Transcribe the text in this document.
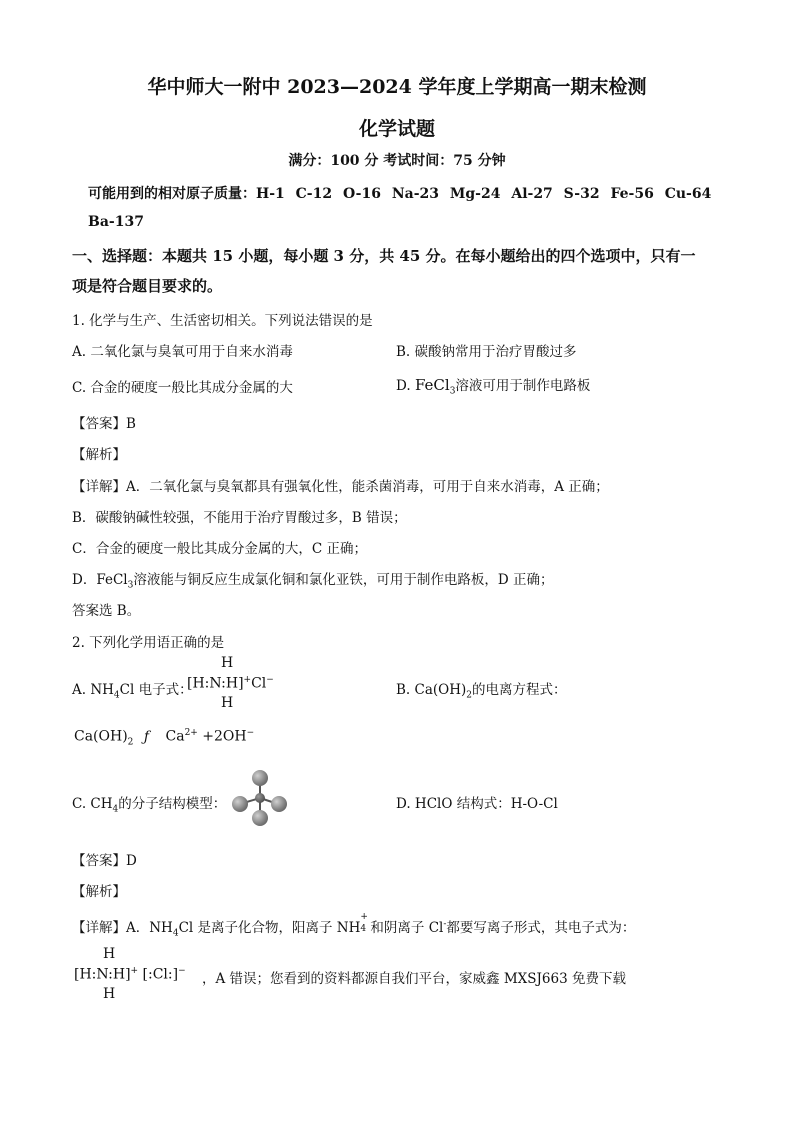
华中师大一附中 2023—2024 学年度上学期高一期末检测
化学试题
满分：100 分 考试时间：75 分钟
可能用到的相对原子质量：H-1 C-12 O-16 Na-23 Mg-24 Al-27 S-32 Fe-56 Cu-64
Ba-137
一、选择题：本题共 15 小题，每小题 3 分，共 45 分。在每小题给出的四个选项中，只有一
项是符合题目要求的。
1. 化学与生产、生活密切相关。下列说法错误的是
A. 二氧化氯与臭氧可用于自来水消毒	B. 碳酸钠常用于治疗胃酸过多
C. 合金的硬度一般比其成分金属的大	D. FeCl$_3$溶液可用于制作电路板
【答案】B
【解析】
【详解】A．二氧化氯与臭氧都具有强氧化性，能杀菌消毒，可用于自来水消毒，A 正确；
B．碳酸钠碱性较强，不能用于治疗胃酸过多，B 错误；
C．合金的硬度一般比其成分金属的大，C 正确；
D．FeCl$_3$溶液能与铜反应生成氯化铜和氯化亚铁，可用于制作电路板，D 正确；
答案选 B。
2. 下列化学用语正确的是
A. $NH_4Cl$ 电子式：
H
[H:N:H]+Cl−
H
B. $Ca(OH)_2$的电离方程式：
$Ca(OH)_2$ ƒ $Ca^{2+} +2OH^-$
C. $CH_4$的分子结构模型：	D. HClO 结构式：H-O-Cl
【答案】D
【解析】
【详解】A．$NH_4Cl$ 是离子化合物，阳离子 NH
+
4 和阴离子 Cl-都要写离子形式，其电子式为：
H
[H:N:H]+ [:Cl:]−
H
，A 错误；您看到的资料都源自我们平台，家威鑫 MXSJ663 免费下载
